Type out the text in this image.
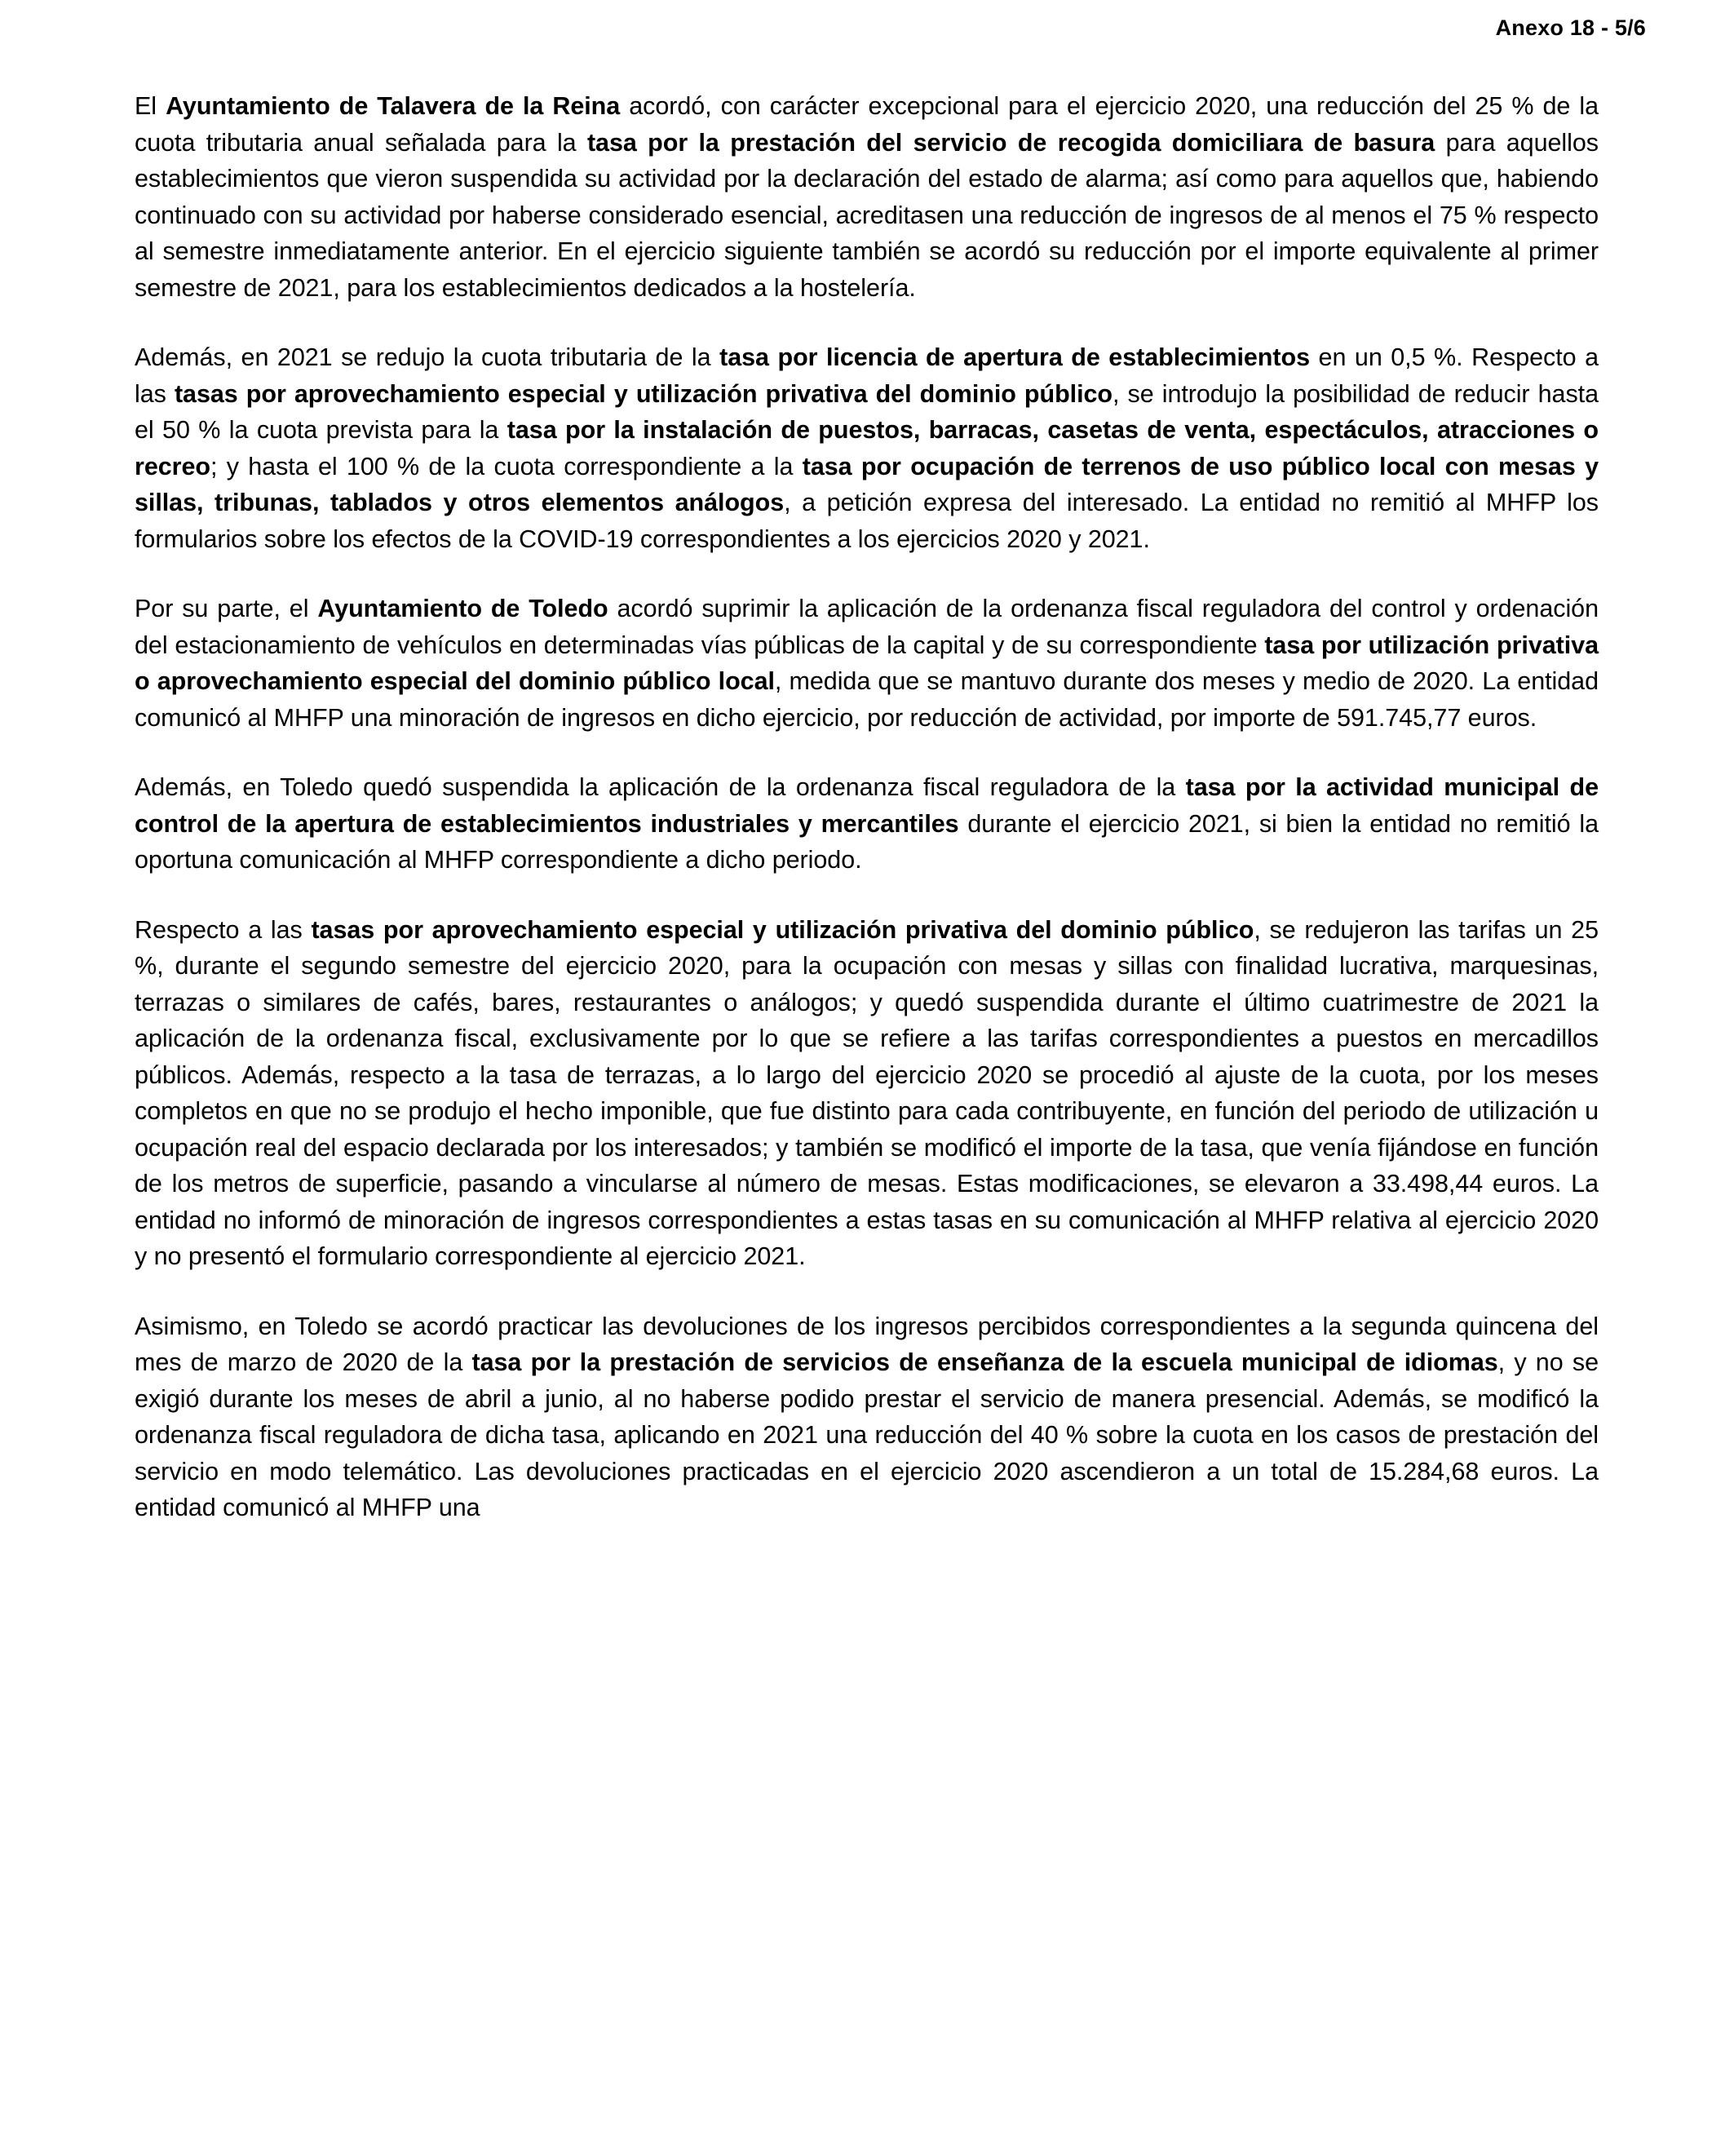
Anexo 18 - 5/6

El Ayuntamiento de Talavera de la Reina acordó, con carácter excepcional para el ejercicio 2020, una reducción del 25 % de la cuota tributaria anual señalada para la tasa por la prestación del servicio de recogida domiciliara de basura para aquellos establecimientos que vieron suspendida su actividad por la declaración del estado de alarma; así como para aquellos que, habiendo continuado con su actividad por haberse considerado esencial, acreditasen una reducción de ingresos de al menos el 75 % respecto al semestre inmediatamente anterior. En el ejercicio siguiente también se acordó su reducción por el importe equivalente al primer semestre de 2021, para los establecimientos dedicados a la hostelería.

Además, en 2021 se redujo la cuota tributaria de la tasa por licencia de apertura de establecimientos en un 0,5 %. Respecto a las tasas por aprovechamiento especial y utilización privativa del dominio público, se introdujo la posibilidad de reducir hasta el 50 % la cuota prevista para la tasa por la instalación de puestos, barracas, casetas de venta, espectáculos, atracciones o recreo; y hasta el 100 % de la cuota correspondiente a la tasa por ocupación de terrenos de uso público local con mesas y sillas, tribunas, tablados y otros elementos análogos, a petición expresa del interesado. La entidad no remitió al MHFP los formularios sobre los efectos de la COVID-19 correspondientes a los ejercicios 2020 y 2021.

Por su parte, el Ayuntamiento de Toledo acordó suprimir la aplicación de la ordenanza fiscal reguladora del control y ordenación del estacionamiento de vehículos en determinadas vías públicas de la capital y de su correspondiente tasa por utilización privativa o aprovechamiento especial del dominio público local, medida que se mantuvo durante dos meses y medio de 2020. La entidad comunicó al MHFP una minoración de ingresos en dicho ejercicio, por reducción de actividad, por importe de 591.745,77 euros.

Además, en Toledo quedó suspendida la aplicación de la ordenanza fiscal reguladora de la tasa por la actividad municipal de control de la apertura de establecimientos industriales y mercantiles durante el ejercicio 2021, si bien la entidad no remitió la oportuna comunicación al MHFP correspondiente a dicho periodo.

Respecto a las tasas por aprovechamiento especial y utilización privativa del dominio público, se redujeron las tarifas un 25 %, durante el segundo semestre del ejercicio 2020, para la ocupación con mesas y sillas con finalidad lucrativa, marquesinas, terrazas o similares de cafés, bares, restaurantes o análogos; y quedó suspendida durante el último cuatrimestre de 2021 la aplicación de la ordenanza fiscal, exclusivamente por lo que se refiere a las tarifas correspondientes a puestos en mercadillos públicos. Además, respecto a la tasa de terrazas, a lo largo del ejercicio 2020 se procedió al ajuste de la cuota, por los meses completos en que no se produjo el hecho imponible, que fue distinto para cada contribuyente, en función del periodo de utilización u ocupación real del espacio declarada por los interesados; y también se modificó el importe de la tasa, que venía fijándose en función de los metros de superficie, pasando a vincularse al número de mesas. Estas modificaciones, se elevaron a 33.498,44 euros. La entidad no informó de minoración de ingresos correspondientes a estas tasas en su comunicación al MHFP relativa al ejercicio 2020 y no presentó el formulario correspondiente al ejercicio 2021.

Asimismo, en Toledo se acordó practicar las devoluciones de los ingresos percibidos correspondientes a la segunda quincena del mes de marzo de 2020 de la tasa por la prestación de servicios de enseñanza de la escuela municipal de idiomas, y no se exigió durante los meses de abril a junio, al no haberse podido prestar el servicio de manera presencial. Además, se modificó la ordenanza fiscal reguladora de dicha tasa, aplicando en 2021 una reducción del 40 % sobre la cuota en los casos de prestación del servicio en modo telemático. Las devoluciones practicadas en el ejercicio 2020 ascendieron a un total de 15.284,68 euros. La entidad comunicó al MHFP una
